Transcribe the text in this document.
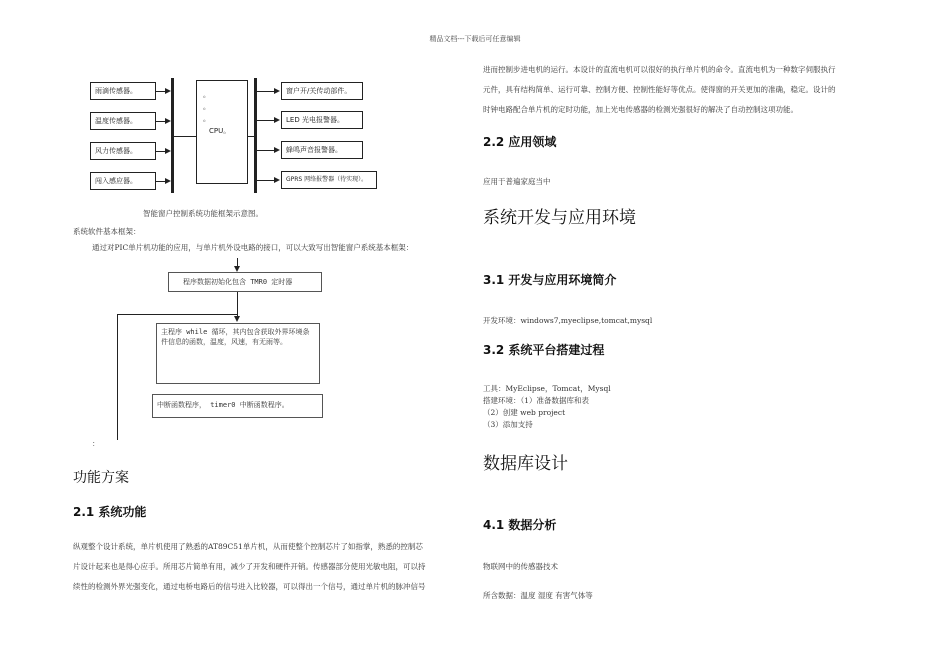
精品文档---下载后可任意编辑
雨滴传感器。
温度传感器。
风力传感器。
闯入感应器。
。
。
。
CPU。
窗户开/关传动部件。
LED 光电报警器。
蜂鸣声音报警器。
GPRS 网络报警器（待实现）。
智能窗户控制系统功能框架示意图。
系统软件基本框架：
通过对PIC单片机功能的应用，与单片机外设电路的接口，可以大致写出智能窗户系统基本框架：
程序数据初始化包含 TMR0 定时器
主程序 while 循环，其内包含获取外界环境条件信息的函数，温度，风速，有无雨等。
中断函数程序， timer0 中断函数程序。
：
功能方案
2.1 系统功能
纵观整个设计系统，单片机使用了熟悉的AT89C51单片机，从而使整个控制芯片了如指掌，熟悉的控制芯
片设计起来也是得心应手。所用芯片简单有用，减少了开发和硬件开销。传感器部分使用光敏电阻，可以持
续性的检测外界光强变化，通过电桥电路后的信号进入比较器，可以得出一个信号，通过单片机的脉冲信号
进而控制步进电机的运行。本设计的直流电机可以很好的执行单片机的命令。直流电机为一种数字伺服执行
元件，具有结构简单、运行可靠、控制方便、控制性能好等优点。使得窗的开关更加的准确，稳定。设计的
时钟电路配合单片机的定时功能，加上光电传感器的检测光强很好的解决了自动控制这项功能。
2.2 应用领域
应用于普遍家庭当中
系统开发与应用环境
3.1 开发与应用环境简介
开发环境：windows7,myeclipse,tomcat,mysql
3.2 系统平台搭建过程
工具：MyEclipse，Tomcat，Mysql
搭建环境：（1）准备数据库和表
（2）创建 web project
（3）添加支持
数据库设计
4.1 数据分析
物联网中的传感器技术
所含数据：温度 湿度 有害气体等
